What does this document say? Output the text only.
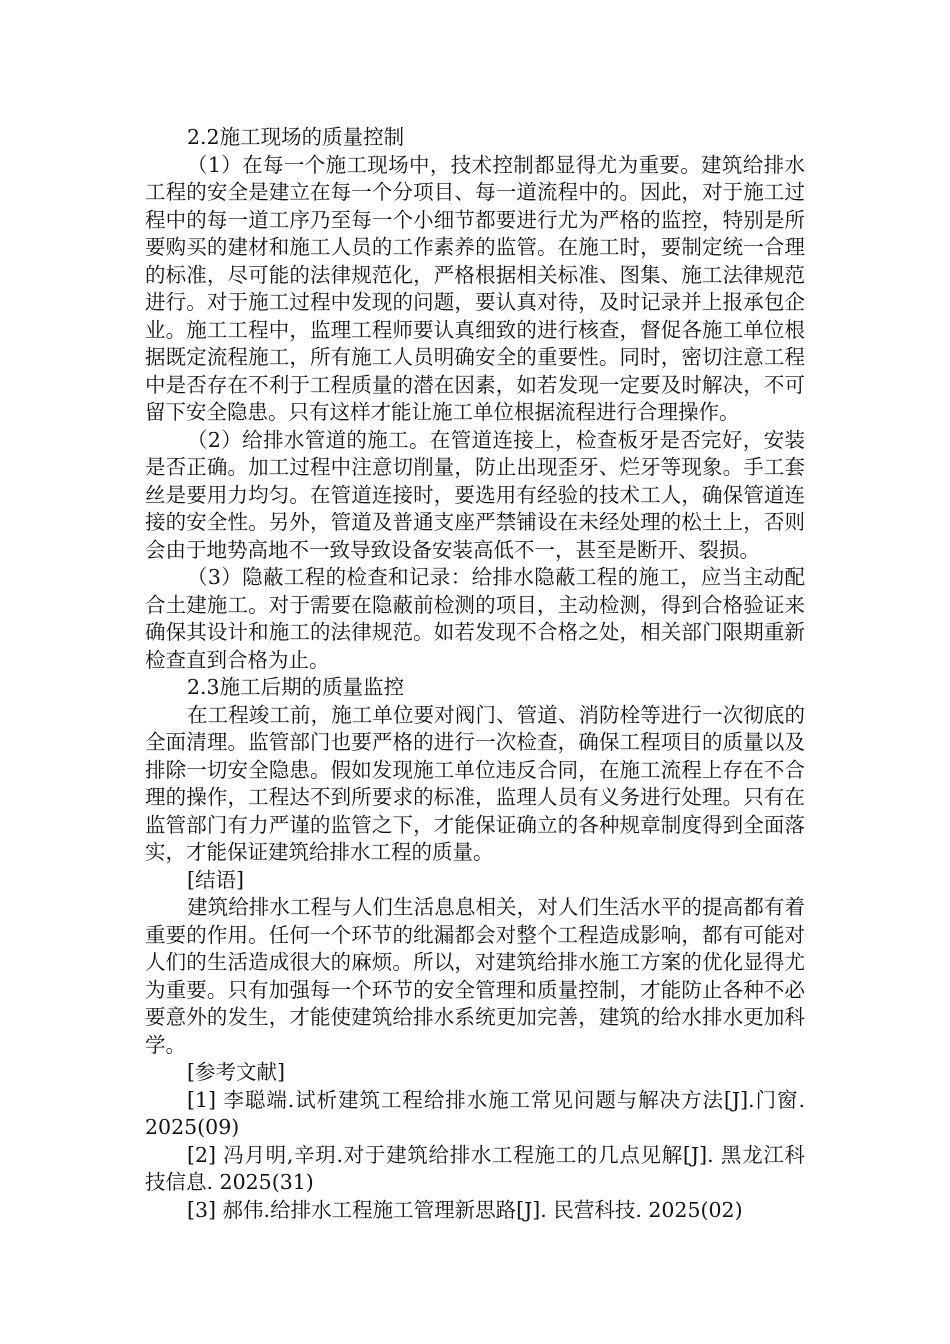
2.2施工现场的质量控制

（1）在每一个施工现场中，技术控制都显得尤为重要。建筑给排水工程的安全是建立在每一个分项目、每一道流程中的。因此，对于施工过程中的每一道工序乃至每一个小细节都要进行尤为严格的监控，特别是所要购买的建材和施工人员的工作素养的监管。在施工时，要制定统一合理的标准，尽可能的法律规范化，严格根据相关标准、图集、施工法律规范进行。对于施工过程中发现的问题，要认真对待，及时记录并上报承包企业。施工工程中，监理工程师要认真细致的进行核查，督促各施工单位根据既定流程施工，所有施工人员明确安全的重要性。同时，密切注意工程中是否存在不利于工程质量的潜在因素，如若发现一定要及时解决，不可留下安全隐患。只有这样才能让施工单位根据流程进行合理操作。

（2）给排水管道的施工。在管道连接上，检查板牙是否完好，安装是否正确。加工过程中注意切削量，防止出现歪牙、烂牙等现象。手工套丝是要用力均匀。在管道连接时，要选用有经验的技术工人，确保管道连接的安全性。另外，管道及普通支座严禁铺设在未经处理的松土上，否则会由于地势高地不一致导致设备安装高低不一，甚至是断开、裂损。

（3）隐蔽工程的检查和记录：给排水隐蔽工程的施工，应当主动配合土建施工。对于需要在隐蔽前检测的项目，主动检测，得到合格验证来确保其设计和施工的法律规范。如若发现不合格之处，相关部门限期重新检查直到合格为止。

2.3施工后期的质量监控

在工程竣工前，施工单位要对阀门、管道、消防栓等进行一次彻底的全面清理。监管部门也要严格的进行一次检查，确保工程项目的质量以及排除一切安全隐患。假如发现施工单位违反合同，在施工流程上存在不合理的操作，工程达不到所要求的标准，监理人员有义务进行处理。只有在监管部门有力严谨的监管之下，才能保证确立的各种规章制度得到全面落实，才能保证建筑给排水工程的质量。

[结语]

建筑给排水工程与人们生活息息相关，对人们生活水平的提高都有着重要的作用。任何一个环节的纰漏都会对整个工程造成影响，都有可能对人们的生活造成很大的麻烦。所以，对建筑给排水施工方案的优化显得尤为重要。只有加强每一个环节的安全管理和质量控制，才能防止各种不必要意外的发生，才能使建筑给排水系统更加完善，建筑的给水排水更加科学。

[参考文献]

[1] 李聪端.试析建筑工程给排水施工常见问题与解决方法[J].门窗. 2025(09)

[2] 冯月明,辛玥.对于建筑给排水工程施工的几点见解[J]. 黑龙江科技信息. 2025(31)

[3] 郝伟.给排水工程施工管理新思路[J]. 民营科技. 2025(02)
